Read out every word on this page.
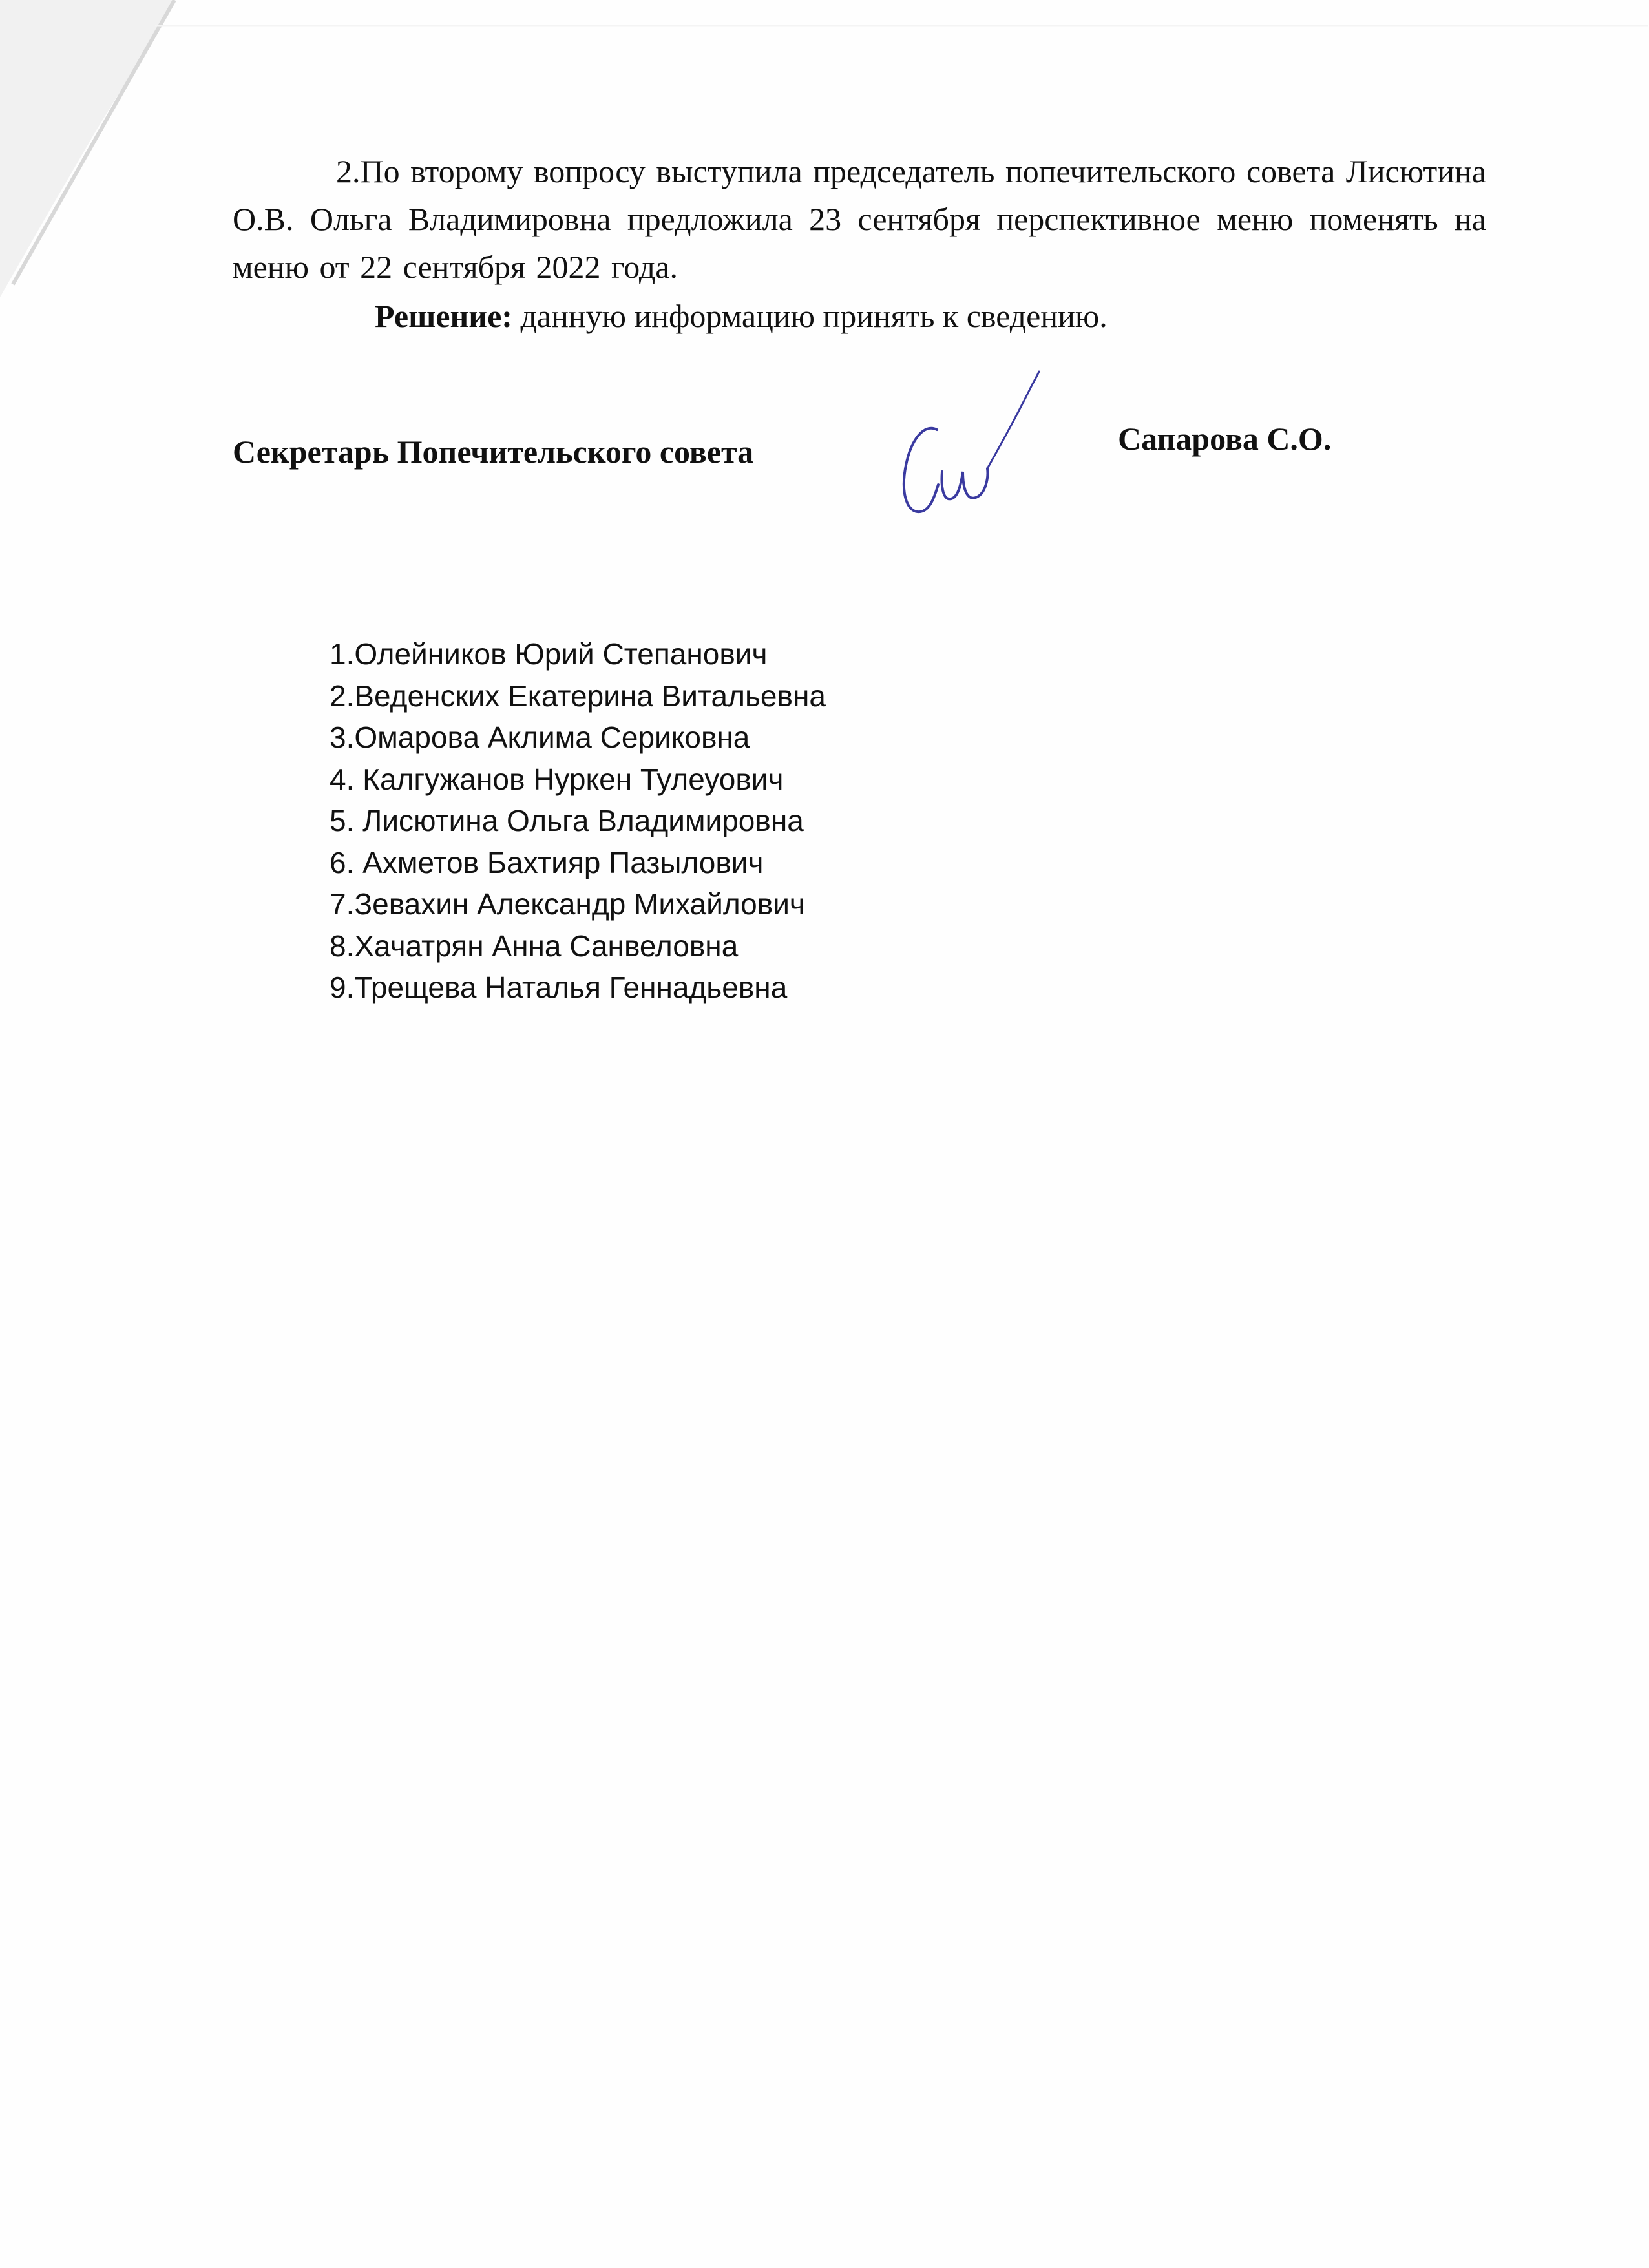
2.По второму вопросу выступила председатель попечительского совета Лисютина О.В. Ольга Владимировна предложила 23 сентября перспективное меню поменять на меню от 22 сентября 2022 года.

Решение: данную информацию принять к сведению.

Секретарь Попечительского совета	Сапарова С.О.
1.Олейников Юрий Степанович
2.Веденских Екатерина Витальевна
3.Омарова Аклима Сериковна
4. Калгужанов Нуркен Тулеуович
5. Лисютина Ольга Владимировна
6. Ахметов Бахтияр Пазылович
7.Зевахин Александр Михайлович
8.Хачатрян Анна Санвеловна
9.Трещева Наталья Геннадьевна
